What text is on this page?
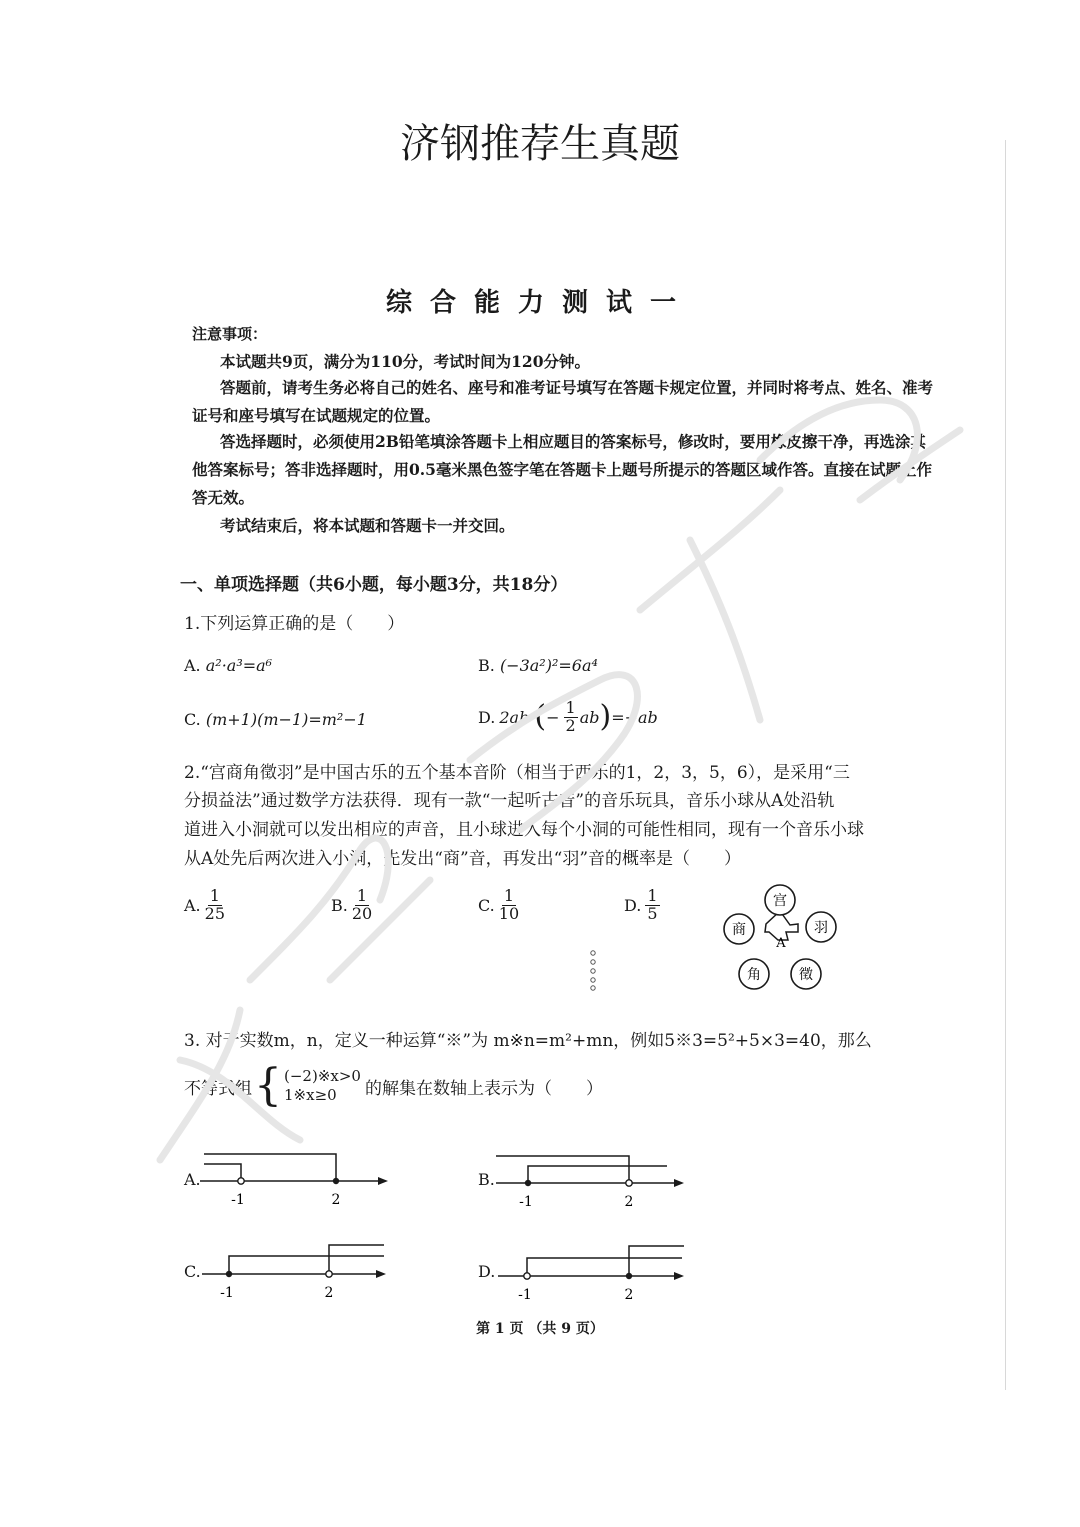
济钢推荐生真题
综合能力测试一
注意事项：
本试题共9页，满分为110分，考试时间为120分钟。
答题前，请考生务必将自己的姓名、座号和准考证号填写在答题卡规定位置，并同时将考点、姓名、准考
证号和座号填写在试题规定的位置。
答选择题时，必须使用2B铅笔填涂答题卡上相应题目的答案标号，修改时，要用橡皮擦干净，再选涂其
他答案标号；答非选择题时，用0.5毫米黑色签字笔在答题卡上题号所提示的答题区域作答。直接在试题上作
答无效。
考试结束后，将本试题和答题卡一并交回。
一、单项选择题（共6小题，每小题3分，共18分）
1.下列运算正确的是（　　）
A. a²·a³=a⁶	B. (−3a²)²=6a⁴
C. (m+1)(m−1)=m²−1	D. 2ab· ( − $\frac{1}{2}$ ab ) =−ab
2.“宫商角徵羽”是中国古乐的五个基本音阶（相当于西乐的1，2，3，5，6），是采用“三
分损益法”通过数学方法获得．现有一款“一起听古音”的音乐玩具，音乐小球从A处沿轨
道进入小洞就可以发出相应的声音，且小球进入每个小洞的可能性相同，现有一个音乐小球
从A处先后两次进入小洞，先发出“商”音，再发出“羽”音的概率是（　　）
A. $\frac{1}{25}$	B. $\frac{1}{20}$	C. $\frac{1}{10}$	D. $\frac{1}{5}$	宫
羽
徵
角
商
A
3. 对于实数m，n，定义一种运算“※”为 m※n=m²+mn，例如5※3=5²+5×3=40，那么
不等式组 { (−2)※x>0
1※x≥0	的解集在数轴上表示为（　　）
A.
-1	2
B.
-1	2
C.
-1	2
D.
-1	2
第 1 页 （共 9 页）
